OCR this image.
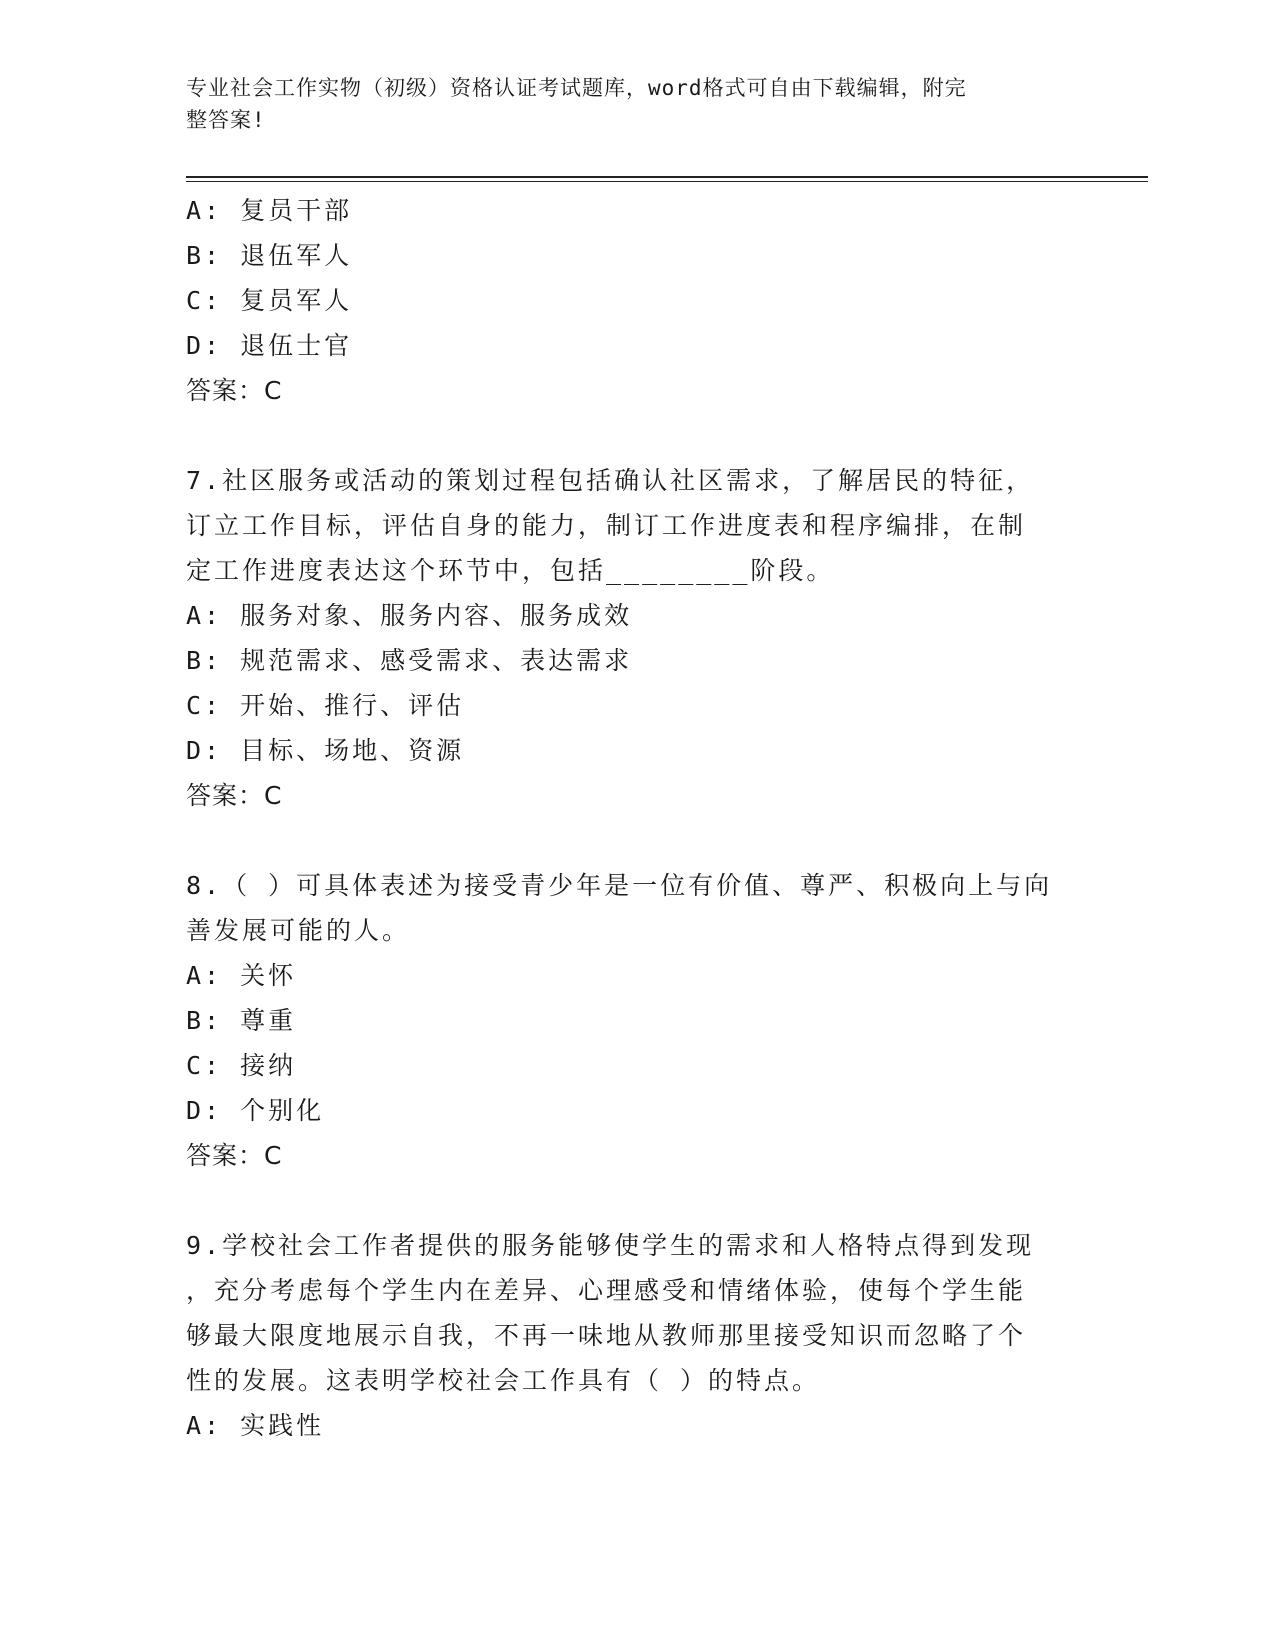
专业社会工作实物（初级）资格认证考试题库，word格式可自由下载编辑，附完
整答案!
A: 复员干部
B: 退伍军人
C: 复员军人
D: 退伍士官
答案：C
7.社区服务或活动的策划过程包括确认社区需求，了解居民的特征，
订立工作目标，评估自身的能力，制订工作进度表和程序编排，在制
定工作进度表达这个环节中，包括________阶段。
A: 服务对象、服务内容、服务成效
B: 规范需求、感受需求、表达需求
C: 开始、推行、评估
D: 目标、场地、资源
答案：C
8.（ ）可具体表述为接受青少年是一位有价值、尊严、积极向上与向
善发展可能的人。
A: 关怀
B: 尊重
C: 接纳
D: 个别化
答案：C
9.学校社会工作者提供的服务能够使学生的需求和人格特点得到发现
，充分考虑每个学生内在差异、心理感受和情绪体验，使每个学生能
够最大限度地展示自我，不再一味地从教师那里接受知识而忽略了个
性的发展。这表明学校社会工作具有（ ）的特点。
A: 实践性
